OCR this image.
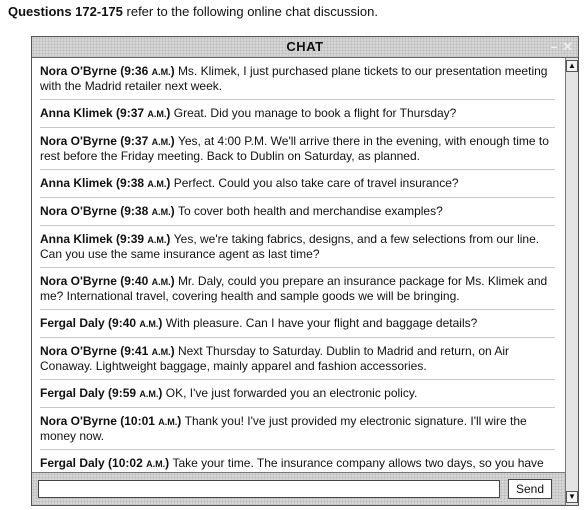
Questions 172-175 refer to the following online chat discussion.
CHAT	– ✕
Nora O'Byrne (9:36 A.M.) Ms. Klimek, I just purchased plane tickets to our presentation meeting with the Madrid retailer next week.
Anna Klimek (9:37 A.M.) Great. Did you manage to book a flight for Thursday?
Nora O'Byrne (9:37 A.M.) Yes, at 4:00 P.M. We'll arrive there in the evening, with enough time to rest before the Friday meeting. Back to Dublin on Saturday, as planned.
Anna Klimek (9:38 A.M.) Perfect. Could you also take care of travel insurance?
Nora O'Byrne (9:38 A.M.) To cover both health and merchandise examples?
Anna Klimek (9:39 A.M.) Yes, we're taking fabrics, designs, and a few selections from our line. Can you use the same insurance agent as last time?
Nora O'Byrne (9:40 A.M.) Mr. Daly, could you prepare an insurance package for Ms. Klimek and me? International travel, covering health and sample goods we will be bringing.
Fergal Daly (9:40 A.M.) With pleasure. Can I have your flight and baggage details?
Nora O'Byrne (9:41 A.M.) Next Thursday to Saturday. Dublin to Madrid and return, on Air Conaway. Lightweight baggage, mainly apparel and fashion accessories.
Fergal Daly (9:59 A.M.) OK, I've just forwarded you an electronic policy.
Nora O'Byrne (10:01 A.M.) Thank you! I've just provided my electronic signature. I'll wire the money now.
Fergal Daly (10:02 A.M.) Take your time. The insurance company allows two days, so you have
▲
▼
Send
